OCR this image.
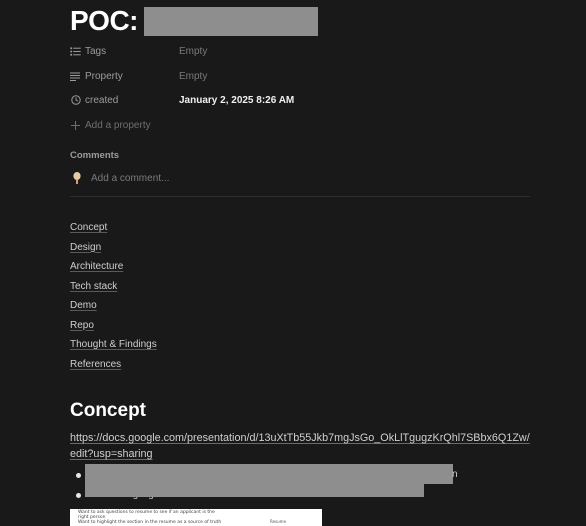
POC:
Tags	Empty
Property	Empty
created	January 2, 2025 8:26 AM
Add a property
Comments
Add a comment...
Concept
Design
Architecture
Tech stack
Demo
Repo
Thought & Findings
References
Concept
https://docs.google.com/presentation/d/13uXtTb55Jkb7mgJsGo_OkLlTgugzKrQhl7SBbx6Q1Zw/edit?usp=sharing
n
Want to ask questions to resume to see if an applicant is the
right person
Want to highlight the section in the resume as a source of truth	Resume
